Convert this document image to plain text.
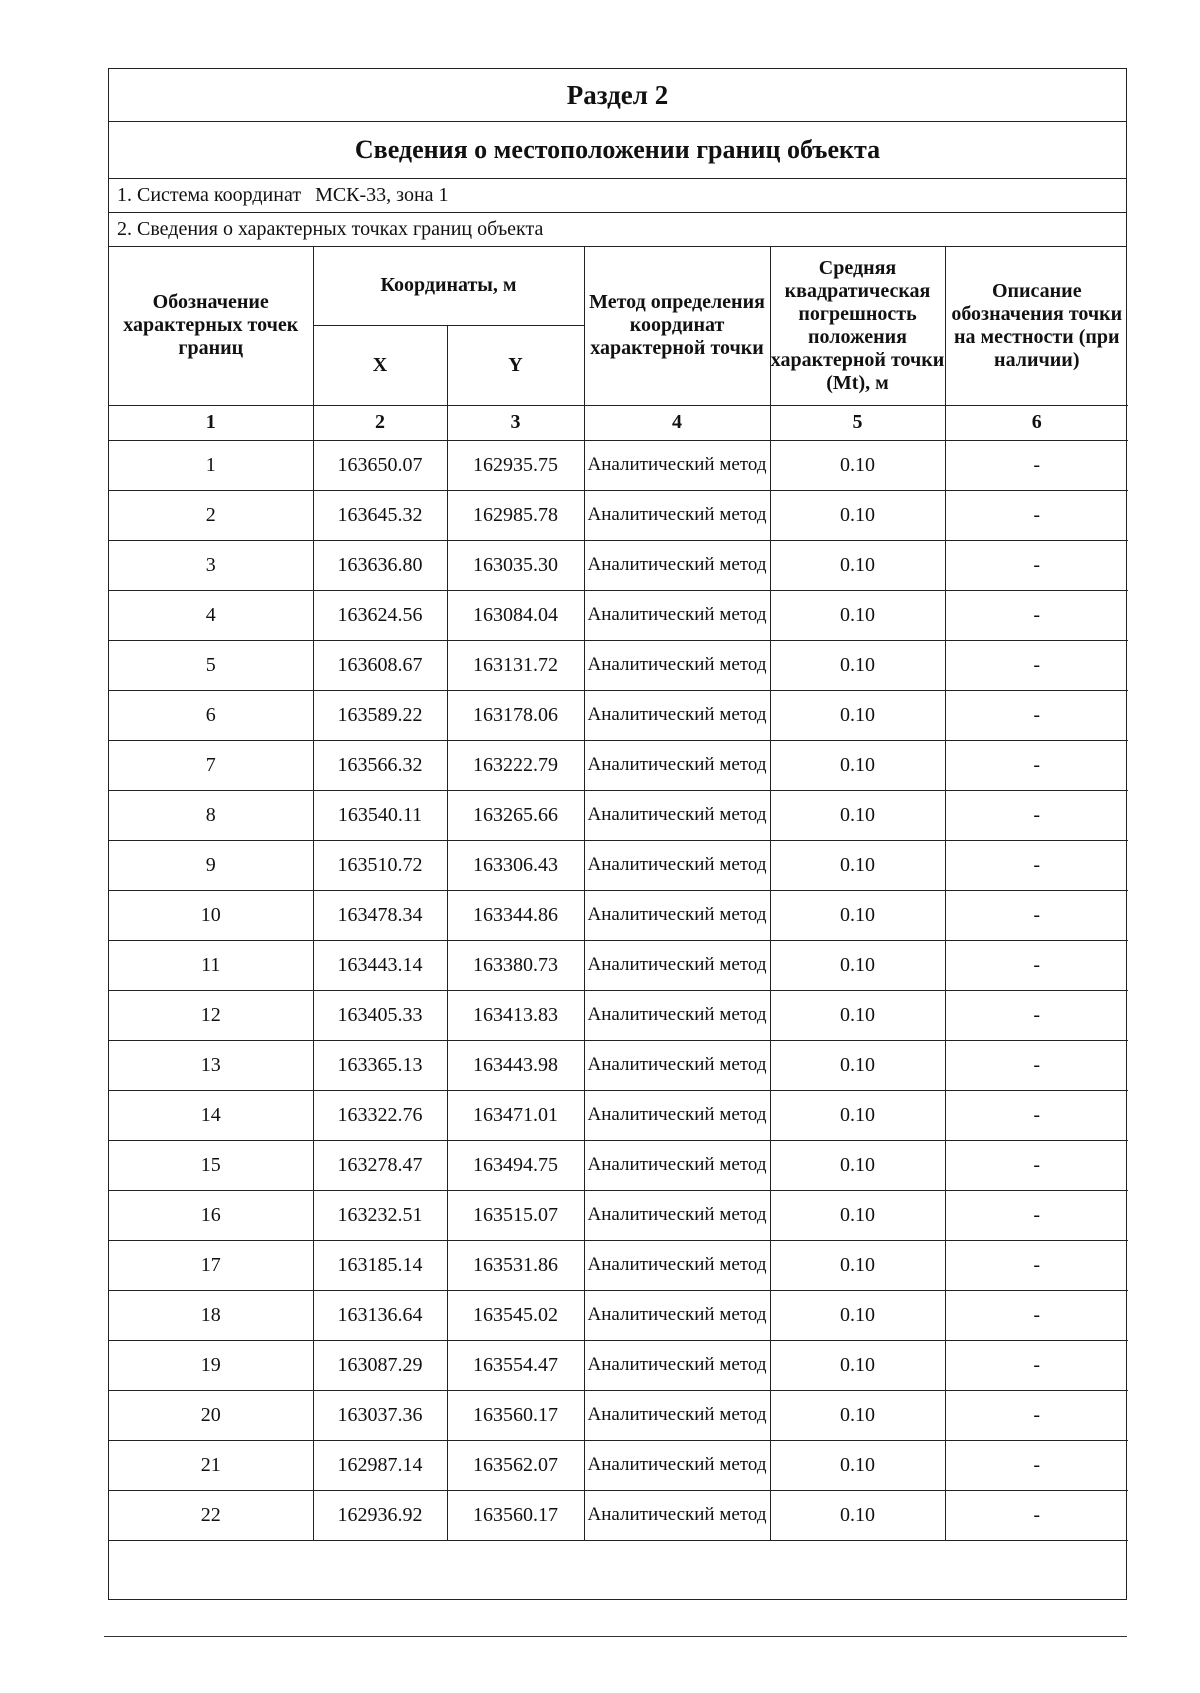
Раздел 2
Сведения о местоположении границ объекта
1. Система координат МСК-33, зона 1
2. Сведения о характерных точках границ объекта
Обозначение характерных точек границ	Координаты, м		Метод определения координат характерной точки	Средняя квадратическая погрешность положения характерной точки (Mt), м	Описание обозначения точки на местности (при наличии)
	X	Y			
1	2	3	4	5	6
1	163650.07	162935.75	Аналитический метод	0.10	-
2	163645.32	162985.78	Аналитический метод	0.10	-
3	163636.80	163035.30	Аналитический метод	0.10	-
4	163624.56	163084.04	Аналитический метод	0.10	-
5	163608.67	163131.72	Аналитический метод	0.10	-
6	163589.22	163178.06	Аналитический метод	0.10	-
7	163566.32	163222.79	Аналитический метод	0.10	-
8	163540.11	163265.66	Аналитический метод	0.10	-
9	163510.72	163306.43	Аналитический метод	0.10	-
10	163478.34	163344.86	Аналитический метод	0.10	-
11	163443.14	163380.73	Аналитический метод	0.10	-
12	163405.33	163413.83	Аналитический метод	0.10	-
13	163365.13	163443.98	Аналитический метод	0.10	-
14	163322.76	163471.01	Аналитический метод	0.10	-
15	163278.47	163494.75	Аналитический метод	0.10	-
16	163232.51	163515.07	Аналитический метод	0.10	-
17	163185.14	163531.86	Аналитический метод	0.10	-
18	163136.64	163545.02	Аналитический метод	0.10	-
19	163087.29	163554.47	Аналитический метод	0.10	-
20	163037.36	163560.17	Аналитический метод	0.10	-
21	162987.14	163562.07	Аналитический метод	0.10	-
22	162936.92	163560.17	Аналитический метод	0.10	-
